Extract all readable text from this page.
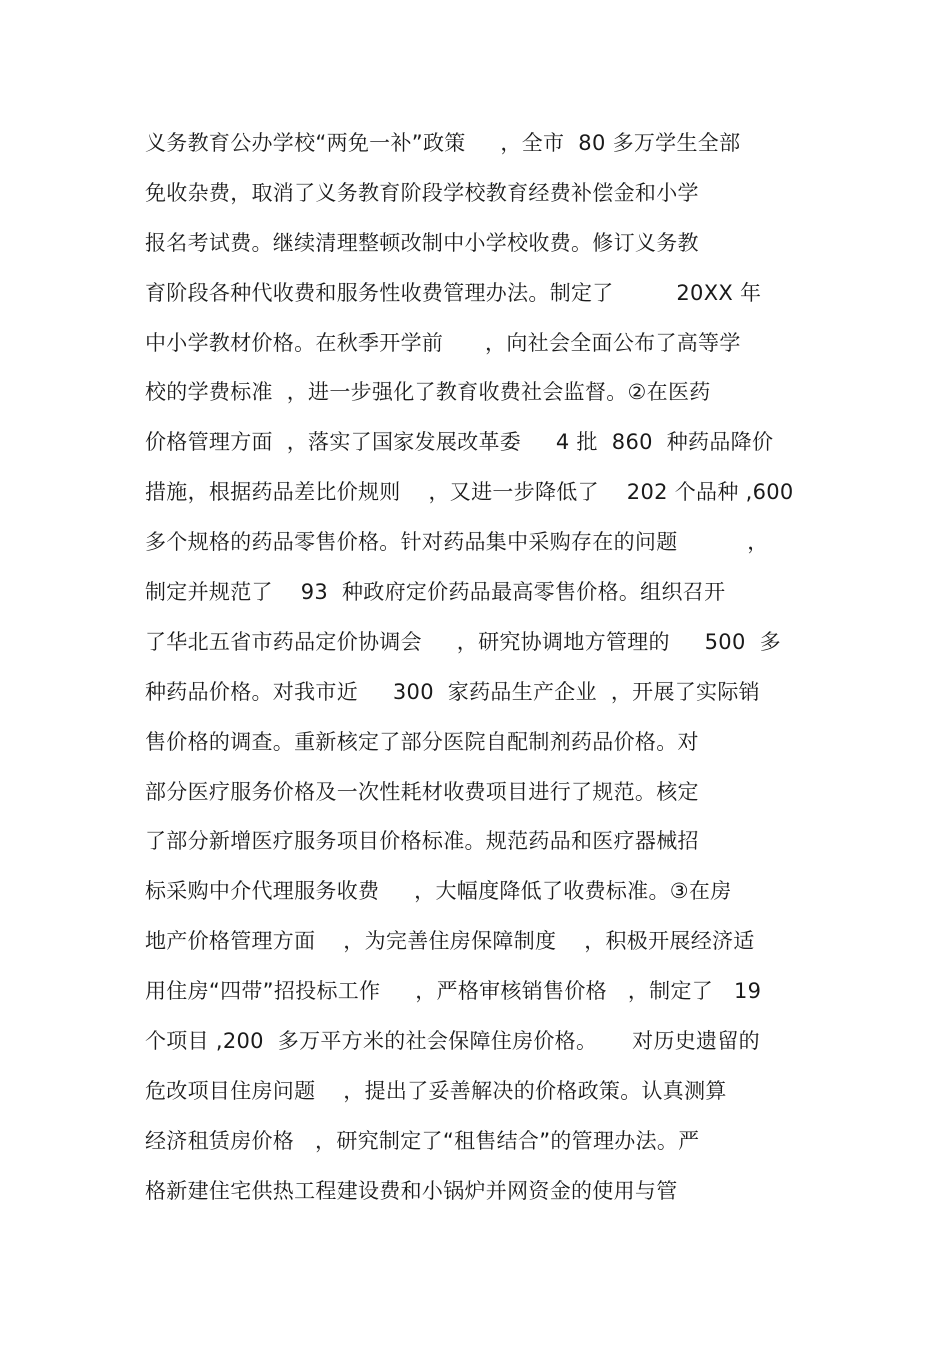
义务教育公办学校“两免一补”政策     ，全市  80 多万学生全部
免收杂费，取消了义务教育阶段学校教育经费补偿金和小学
报名考试费。继续清理整顿改制中小学校收费。修订义务教
育阶段各种代收费和服务性收费管理办法。制定了         20XX 年
中小学教材价格。在秋季开学前      ，向社会全面公布了高等学
校的学费标准  ，进一步强化了教育收费社会监督。②在医药
价格管理方面  ，落实了国家发展改革委     4 批  860  种药品降价
措施，根据药品差比价规则    ，又进一步降低了    202 个品种 ,600
多个规格的药品零售价格。针对药品集中采购存在的问题          ，
制定并规范了    93  种政府定价药品最高零售价格。组织召开
了华北五省市药品定价协调会     ，研究协调地方管理的     500  多
种药品价格。对我市近     300  家药品生产企业  ，开展了实际销
售价格的调查。重新核定了部分医院自配制剂药品价格。对
部分医疗服务价格及一次性耗材收费项目进行了规范。核定
了部分新增医疗服务项目价格标准。规范药品和医疗器械招
标采购中介代理服务收费     ，大幅度降低了收费标准。③在房
地产价格管理方面    ，为完善住房保障制度    ，积极开展经济适
用住房“四带”招投标工作     ，严格审核销售价格   ，制定了   19
个项目 ,200  多万平方米的社会保障住房价格。     对历史遗留的
危改项目住房问题    ，提出了妥善解决的价格政策。认真测算
经济租赁房价格   ，研究制定了“租售结合”的管理办法。严
格新建住宅供热工程建设费和小锅炉并网资金的使用与管
